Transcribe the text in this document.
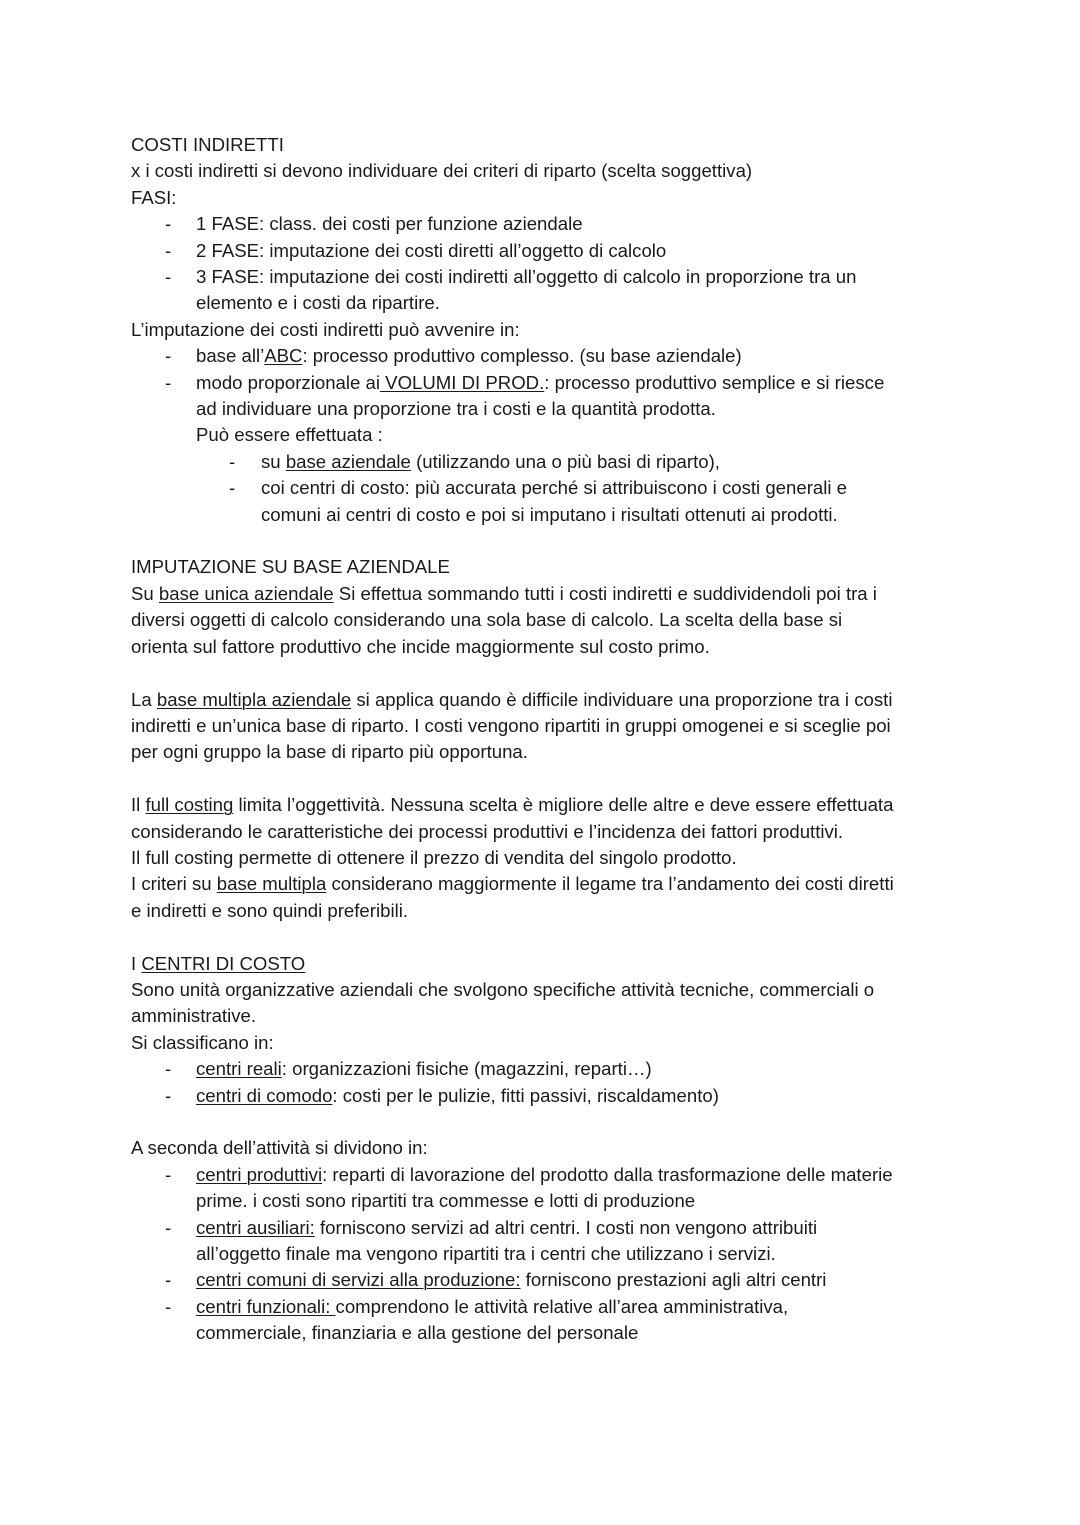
COSTI INDIRETTI
x i costi indiretti si devono individuare dei criteri di riparto (scelta soggettiva)
FASI:
- 1 FASE: class. dei costi per funzione aziendale
- 2 FASE: imputazione dei costi diretti all’oggetto di calcolo
- 3 FASE: imputazione dei costi indiretti all’oggetto di calcolo in proporzione tra un
elemento e i costi da ripartire.
L’imputazione dei costi indiretti può avvenire in:
- base all’ABC: processo produttivo complesso. (su base aziendale)
- modo proporzionale ai VOLUMI DI PROD.: processo produttivo semplice e si riesce
ad individuare una proporzione tra i costi e la quantità prodotta.
Può essere effettuata :
- su base aziendale (utilizzando una o più basi di riparto),
- coi centri di costo: più accurata perché si attribuiscono i costi generali e
comuni ai centri di costo e poi si imputano i risultati ottenuti ai prodotti.
IMPUTAZIONE SU BASE AZIENDALE
Su base unica aziendale Si effettua sommando tutti i costi indiretti e suddividendoli poi tra i
diversi oggetti di calcolo considerando una sola base di calcolo. La scelta della base si
orienta sul fattore produttivo che incide maggiormente sul costo primo.
La base multipla aziendale si applica quando è difficile individuare una proporzione tra i costi
indiretti e un’unica base di riparto. I costi vengono ripartiti in gruppi omogenei e si sceglie poi
per ogni gruppo la base di riparto più opportuna.
Il full costing limita l’oggettività. Nessuna scelta è migliore delle altre e deve essere effettuata
considerando le caratteristiche dei processi produttivi e l’incidenza dei fattori produttivi.
Il full costing permette di ottenere il prezzo di vendita del singolo prodotto.
I criteri su base multipla considerano maggiormente il legame tra l’andamento dei costi diretti
e indiretti e sono quindi preferibili.
I CENTRI DI COSTO
Sono unità organizzative aziendali che svolgono specifiche attività tecniche, commerciali o
amministrative.
Si classificano in:
- centri reali: organizzazioni fisiche (magazzini, reparti…)
- centri di comodo: costi per le pulizie, fitti passivi, riscaldamento)
A seconda dell’attività si dividono in:
- centri produttivi: reparti di lavorazione del prodotto dalla trasformazione delle materie
prime. i costi sono ripartiti tra commesse e lotti di produzione
- centri ausiliari: forniscono servizi ad altri centri. I costi non vengono attribuiti
all’oggetto finale ma vengono ripartiti tra i centri che utilizzano i servizi.
- centri comuni di servizi alla produzione: forniscono prestazioni agli altri centri
- centri funzionali: comprendono le attività relative all’area amministrativa,
commerciale, finanziaria e alla gestione del personale
